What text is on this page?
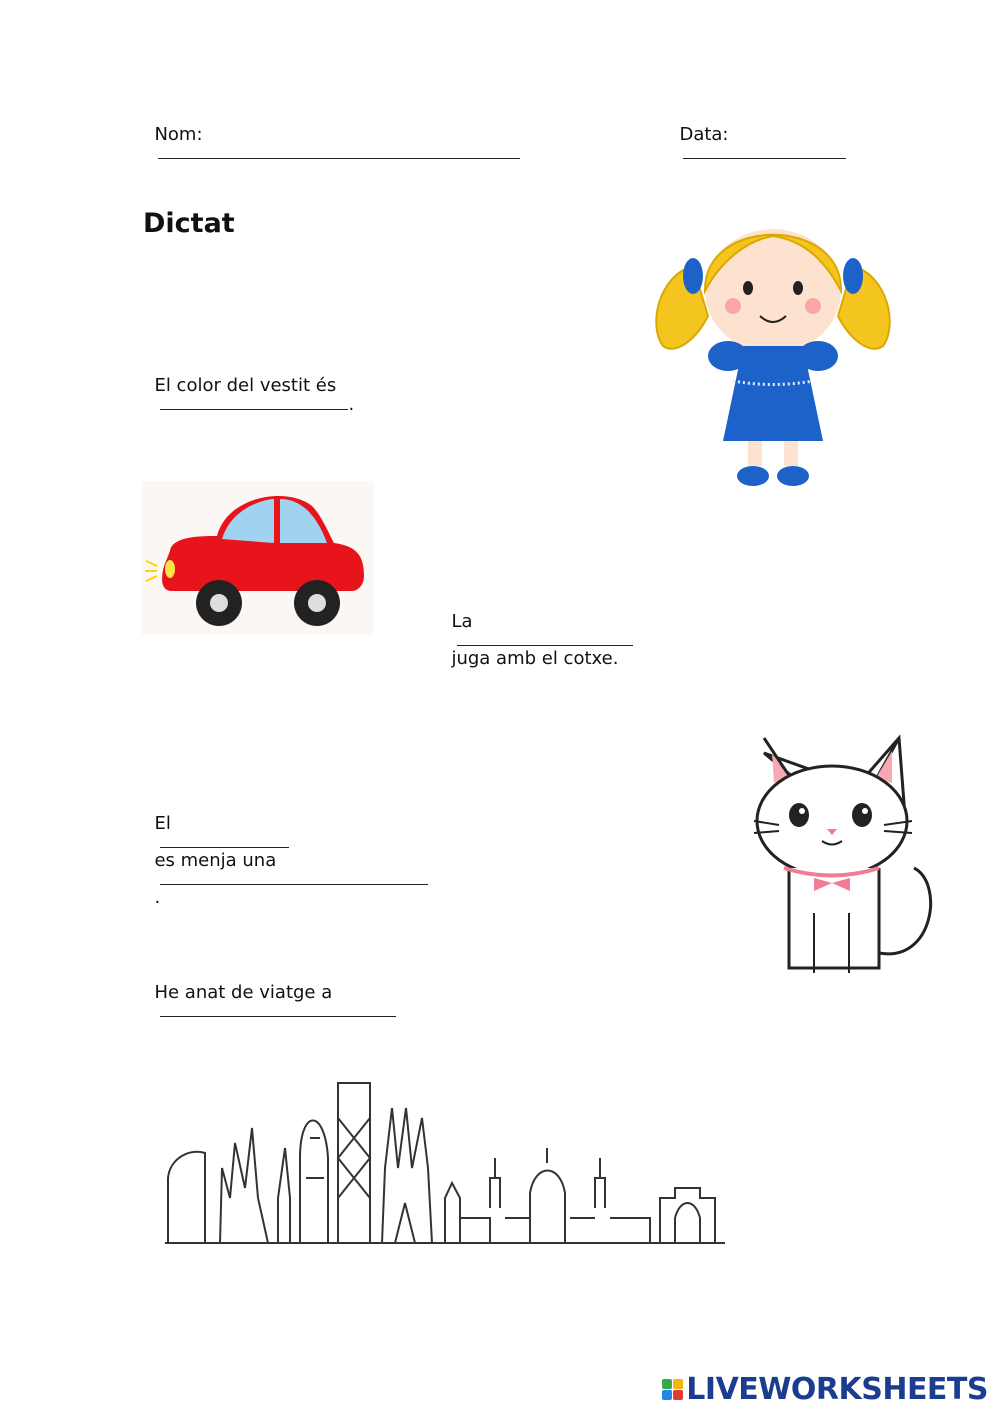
Nom:
	Data:

Dictat

El color del vestit és
.

La

juga amb el cotxe.

El

es menja una

.

He anat de viatge a

LIVEWORKSHEETS
